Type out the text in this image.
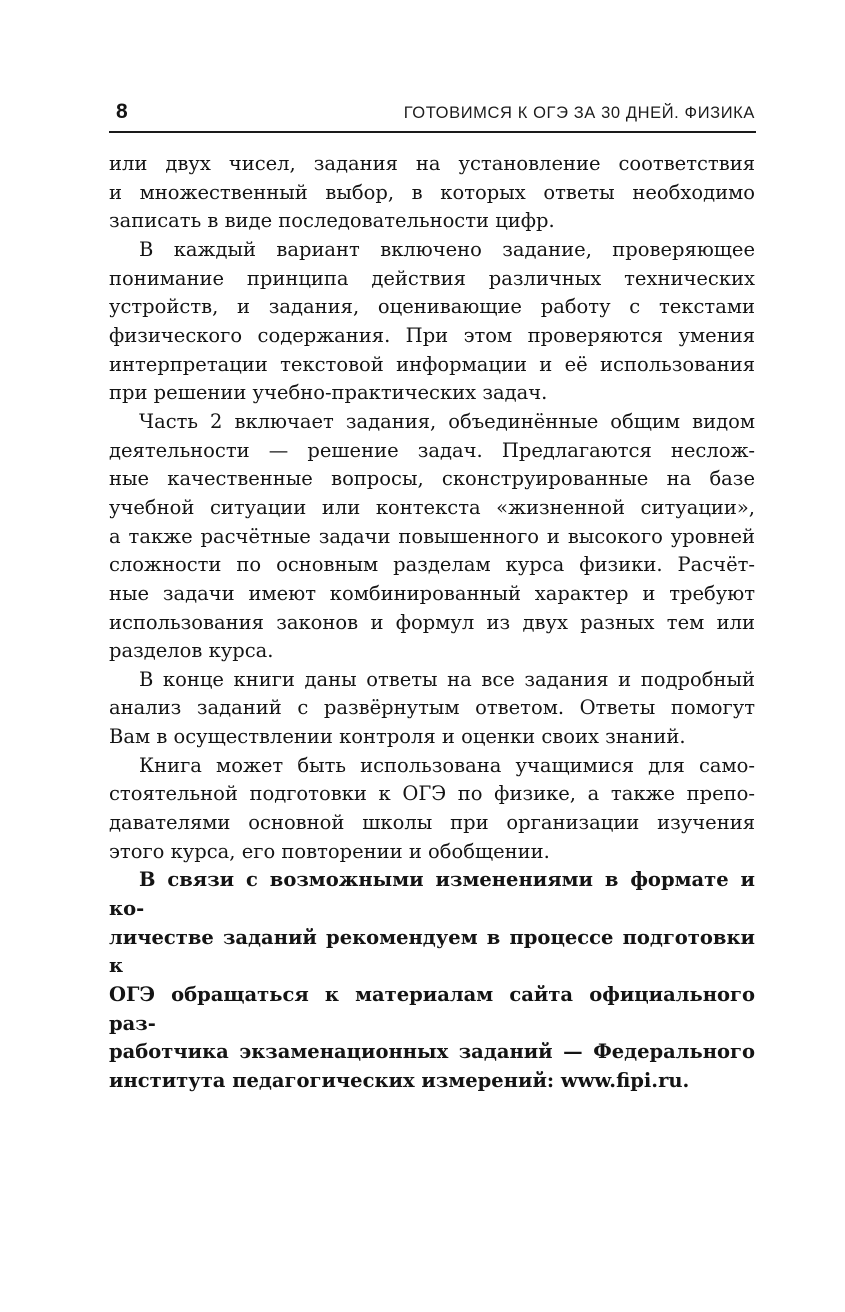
8	ГОТОВИМСЯ К ОГЭ ЗА 30 ДНЕЙ. ФИЗИКА
или двух чисел, задания на установление соответствия
и множественный выбор, в которых ответы необходимо
записать в виде последовательности цифр.
В каждый вариант включено задание, проверяющее
понимание принципа действия различных технических
устройств, и задания, оценивающие работу с текстами
физического содержания. При этом проверяются умения
интерпретации текстовой информации и её использования
при решении учебно-практических задач.
Часть 2 включает задания, объединённые общим видом
деятельности — решение задач. Предлагаются неслож-
ные качественные вопросы, сконструированные на базе
учебной ситуации или контекста «жизненной ситуации»,
а также расчётные задачи повышенного и высокого уровней
сложности по основным разделам курса физики. Расчёт-
ные задачи имеют комбинированный характер и требуют
использования законов и формул из двух разных тем или
разделов курса.
В конце книги даны ответы на все задания и подробный
анализ заданий с развёрнутым ответом. Ответы помогут
Вам в осуществлении контроля и оценки своих знаний.
Книга может быть использована учащимися для само-
стоятельной подготовки к ОГЭ по физике, а также препо-
давателями основной школы при организации изучения
этого курса, его повторении и обобщении.
В связи с возможными изменениями в формате и ко-
личестве заданий рекомендуем в процессе подготовки к
ОГЭ обращаться к материалам сайта официального раз-
работчика экзаменационных заданий — Федерального
института педагогических измерений: www.fipi.ru.
